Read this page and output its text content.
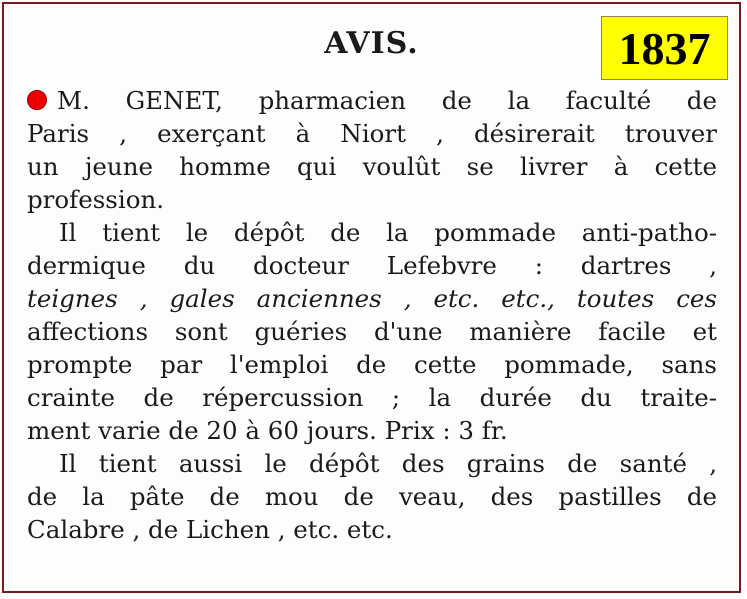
AVIS.	1837
M. GENET, pharmacien de la faculté de
Paris , exerçant à Niort , désirerait trouver
un jeune homme qui voulût se livrer à cette
profession.
Il tient le dépôt de la pommade anti-patho-
dermique du docteur Lefebvre : dartres ,
teignes , gales anciennes , etc. etc., toutes ces
affections sont guéries d'une manière facile et
prompte par l'emploi de cette pommade, sans
crainte de répercussion ; la durée du traite-
ment varie de 20 à 60 jours. Prix : 3 fr.
Il tient aussi le dépôt des grains de santé ,
de la pâte de mou de veau, des pastilles de
Calabre , de Lichen , etc. etc.
